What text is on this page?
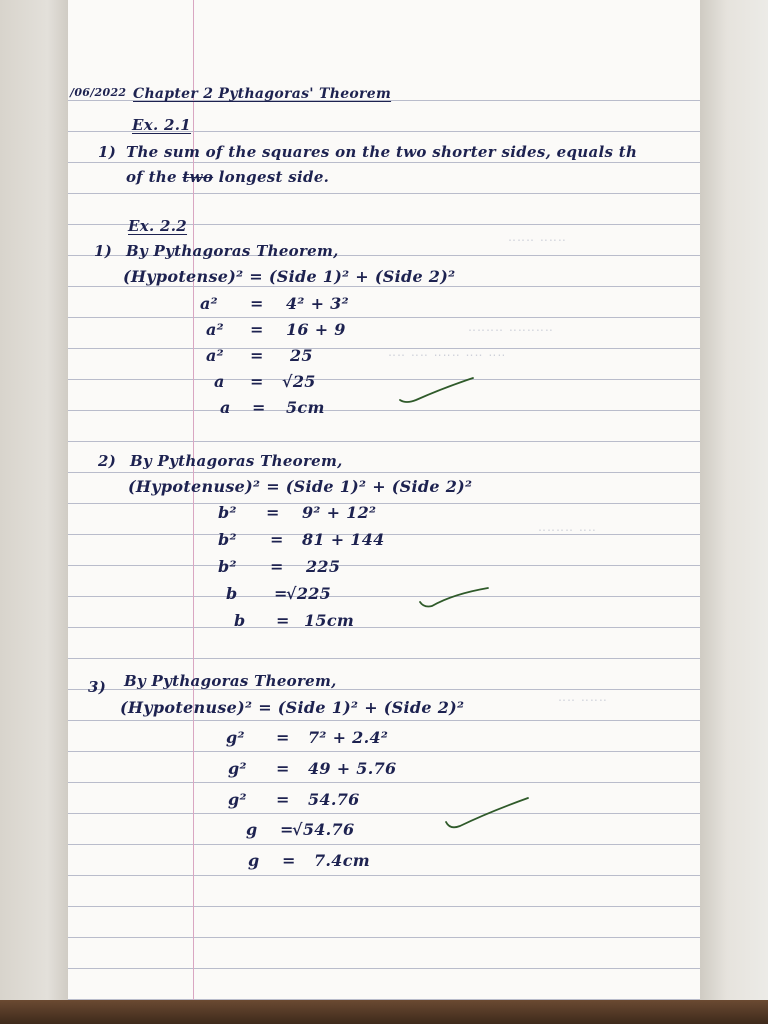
‥‥‥‥ ‥‥‥‥‥
‥‥ ‥‥ ‥‥‥ ‥‥ ‥‥
‥‥‥ ‥‥‥
‥‥‥‥ ‥‥
‥‥ ‥‥‥
/06/2022 Chapter 2 Pythagoras' Theorem
Ex. 2.1
1) The sum of the squares on the two shorter sides, equals th
of the two longest side.
Ex. 2.2
1) By Pythagoras Theorem,
(Hypotense)² = (Side 1)² + (Side 2)²
a² = 4² + 3²
a² = 16 + 9
a² = 25
a = √25
a = 5cm
2) By Pythagoras Theorem,
(Hypotenuse)² = (Side 1)² + (Side 2)²
b² = 9² + 12²
b² = 81 + 144
b² = 225
b =
√225
b = 15cm
3) By Pythagoras Theorem,
(Hypotenuse)² = (Side 1)² + (Side 2)²
g² = 7² + 2.4²
g² = 49 + 5.76
g² = 54.76
g =
√54.76
g = 7.4cm
